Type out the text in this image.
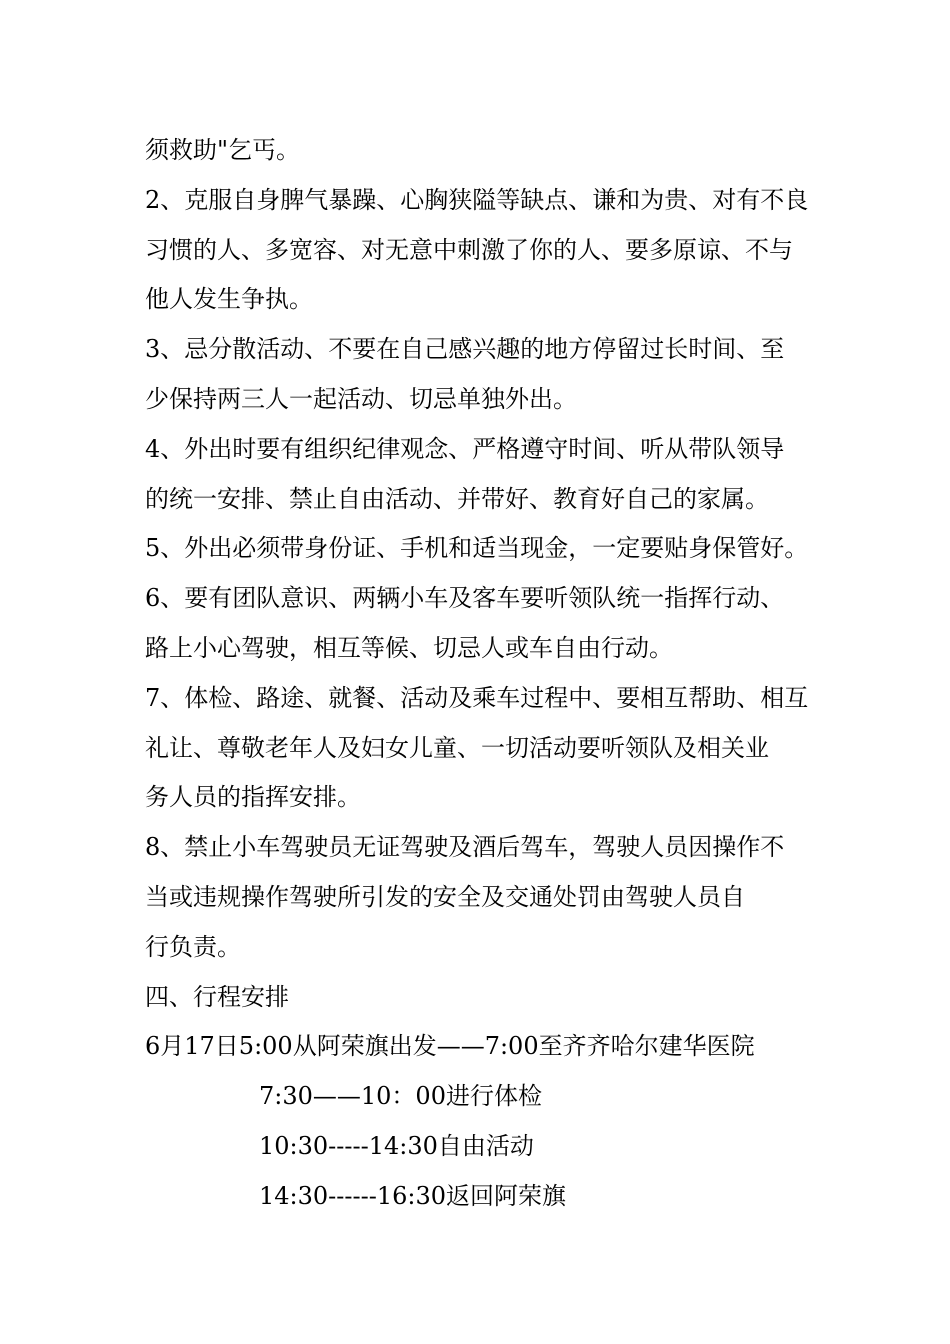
须救助"乞丐。
2、克服自身脾气暴躁、心胸狭隘等缺点、谦和为贵、对有不良
习惯的人、多宽容、对无意中刺激了你的人、要多原谅、不与
他人发生争执。
3、忌分散活动、不要在自己感兴趣的地方停留过长时间、至
少保持两三人一起活动、切忌单独外出。
4、外出时要有组织纪律观念、严格遵守时间、听从带队领导
的统一安排、禁止自由活动、并带好、教育好自己的家属。
5、外出必须带身份证、手机和适当现金，一定要贴身保管好。
6、要有团队意识、两辆小车及客车要听领队统一指挥行动、
路上小心驾驶，相互等候、切忌人或车自由行动。
7、体检、路途、就餐、活动及乘车过程中、要相互帮助、相互
礼让、尊敬老年人及妇女儿童、一切活动要听领队及相关业
务人员的指挥安排。
8、禁止小车驾驶员无证驾驶及酒后驾车，驾驶人员因操作不
当或违规操作驾驶所引发的安全及交通处罚由驾驶人员自
行负责。
四、行程安排
6月17日5:00从阿荣旗出发——7:00至齐齐哈尔建华医院
7:30——10：00进行体检
10:30-----14:30自由活动
14:30------16:30返回阿荣旗
